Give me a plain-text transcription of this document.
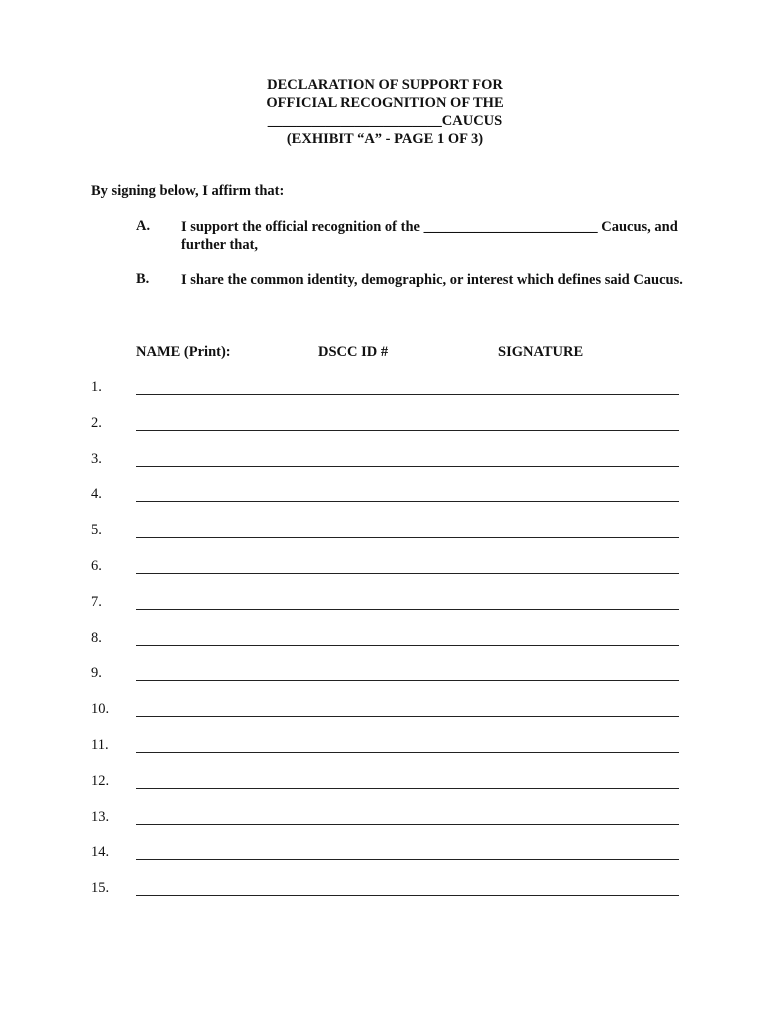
DECLARATION OF SUPPORT FOR
OFFICIAL RECOGNITION OF THE
________________________CAUCUS
(EXHIBIT “A” - PAGE 1 OF 3)
By signing below, I affirm that:
A. I support the official recognition of the ________________________ Caucus, and further that,
B. I share the common identity, demographic, or interest which defines said Caucus.
NAME (Print):	DSCC ID #	SIGNATURE
1.
2.
3.
4.
5.
6.
7.
8.
9.
10.
11.
12.
13.
14.
15.
